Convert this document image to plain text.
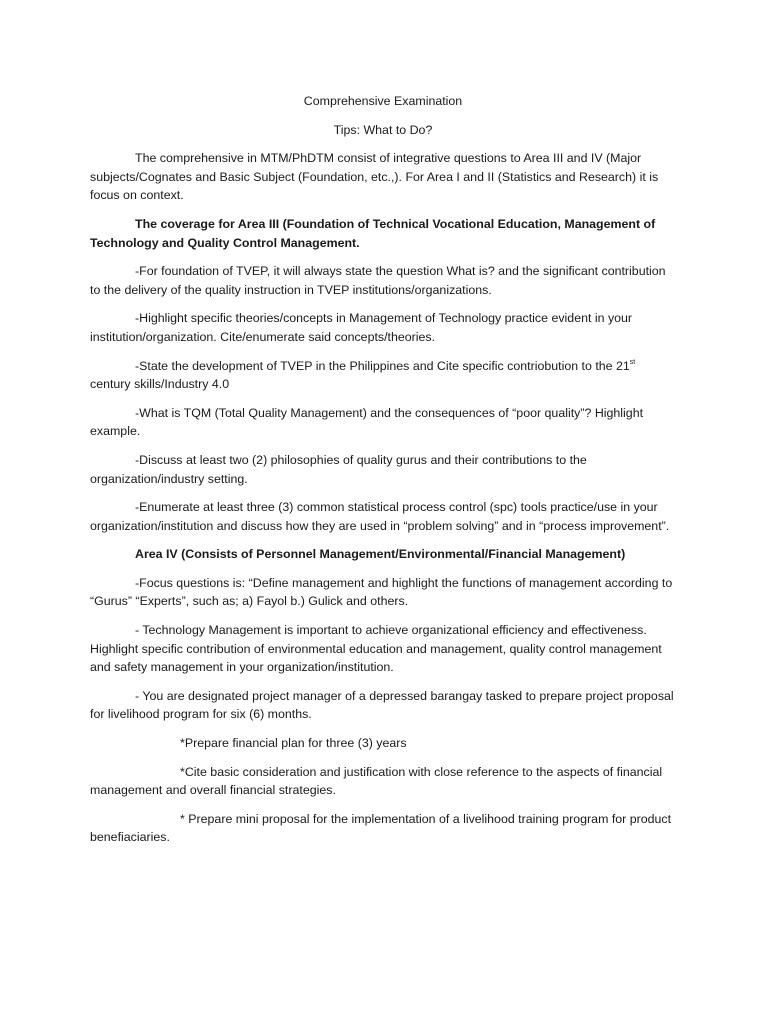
Comprehensive Examination

Tips: What to Do?

The comprehensive in MTM/PhDTM consist of integrative questions to Area III and IV (Major subjects/Cognates and Basic Subject (Foundation, etc.,). For Area I and II (Statistics and Research) it is focus on context.

The coverage for Area III (Foundation of Technical Vocational Education, Management of Technology and Quality Control Management.

-For foundation of TVEP, it will always state the question What is? and the significant contribution to the delivery of the quality instruction in TVEP institutions/organizations.

-Highlight specific theories/concepts in Management of Technology practice evident in your institution/organization. Cite/enumerate said concepts/theories.

-State the development of TVEP in the Philippines and Cite specific contriobution to the 21st century skills/Industry 4.0

-What is TQM (Total Quality Management) and the consequences of “poor quality”? Highlight example.

-Discuss at least two (2) philosophies of quality gurus and their contributions to the organization/industry setting.

-Enumerate at least three (3) common statistical process control (spc) tools practice/use in your organization/institution and discuss how they are used in “problem solving” and in “process improvement”.

Area IV (Consists of Personnel Management/Environmental/Financial Management)

-Focus questions is: “Define management and highlight the functions of management according to “Gurus” “Experts”, such as; a) Fayol b.) Gulick and others.

- Technology Management is important to achieve organizational efficiency and effectiveness. Highlight specific contribution of environmental education and management, quality control management and safety management in your organization/institution.

- You are designated project manager of a depressed barangay tasked to prepare project proposal for livelihood program for six (6) months.

*Prepare financial plan for three (3) years

*Cite basic consideration and justification with close reference to the aspects of financial management and overall financial strategies.

* Prepare mini proposal for the implementation of a livelihood training program for product benefiaciaries.
